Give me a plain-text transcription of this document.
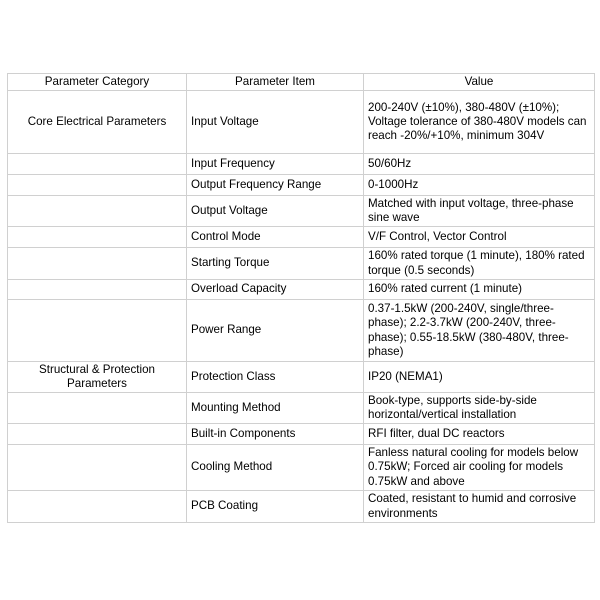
Parameter Category	Parameter Item	Value
Core Electrical Parameters	Input Voltage	200-240V (±10%), 380-480V (±10%); Voltage tolerance of 380-480V models can reach -20%/+10%, minimum 304V
	Input Frequency	50/60Hz
	Output Frequency Range	0-1000Hz
	Output Voltage	Matched with input voltage, three-phase sine wave
	Control Mode	V/F Control, Vector Control
	Starting Torque	160% rated torque (1 minute), 180% rated torque (0.5 seconds)
	Overload Capacity	160% rated current (1 minute)
	Power Range	0.37-1.5kW (200-240V, single/three-phase); 2.2-3.7kW (200-240V, three-phase); 0.55-18.5kW (380-480V, three-phase)
Structural & Protection Parameters	Protection Class	IP20 (NEMA1)
	Mounting Method	Book-type, supports side-by-side horizontal/vertical installation
	Built-in Components	RFI filter, dual DC reactors
	Cooling Method	Fanless natural cooling for models below 0.75kW; Forced air cooling for models 0.75kW and above
	PCB Coating	Coated, resistant to humid and corrosive environments
